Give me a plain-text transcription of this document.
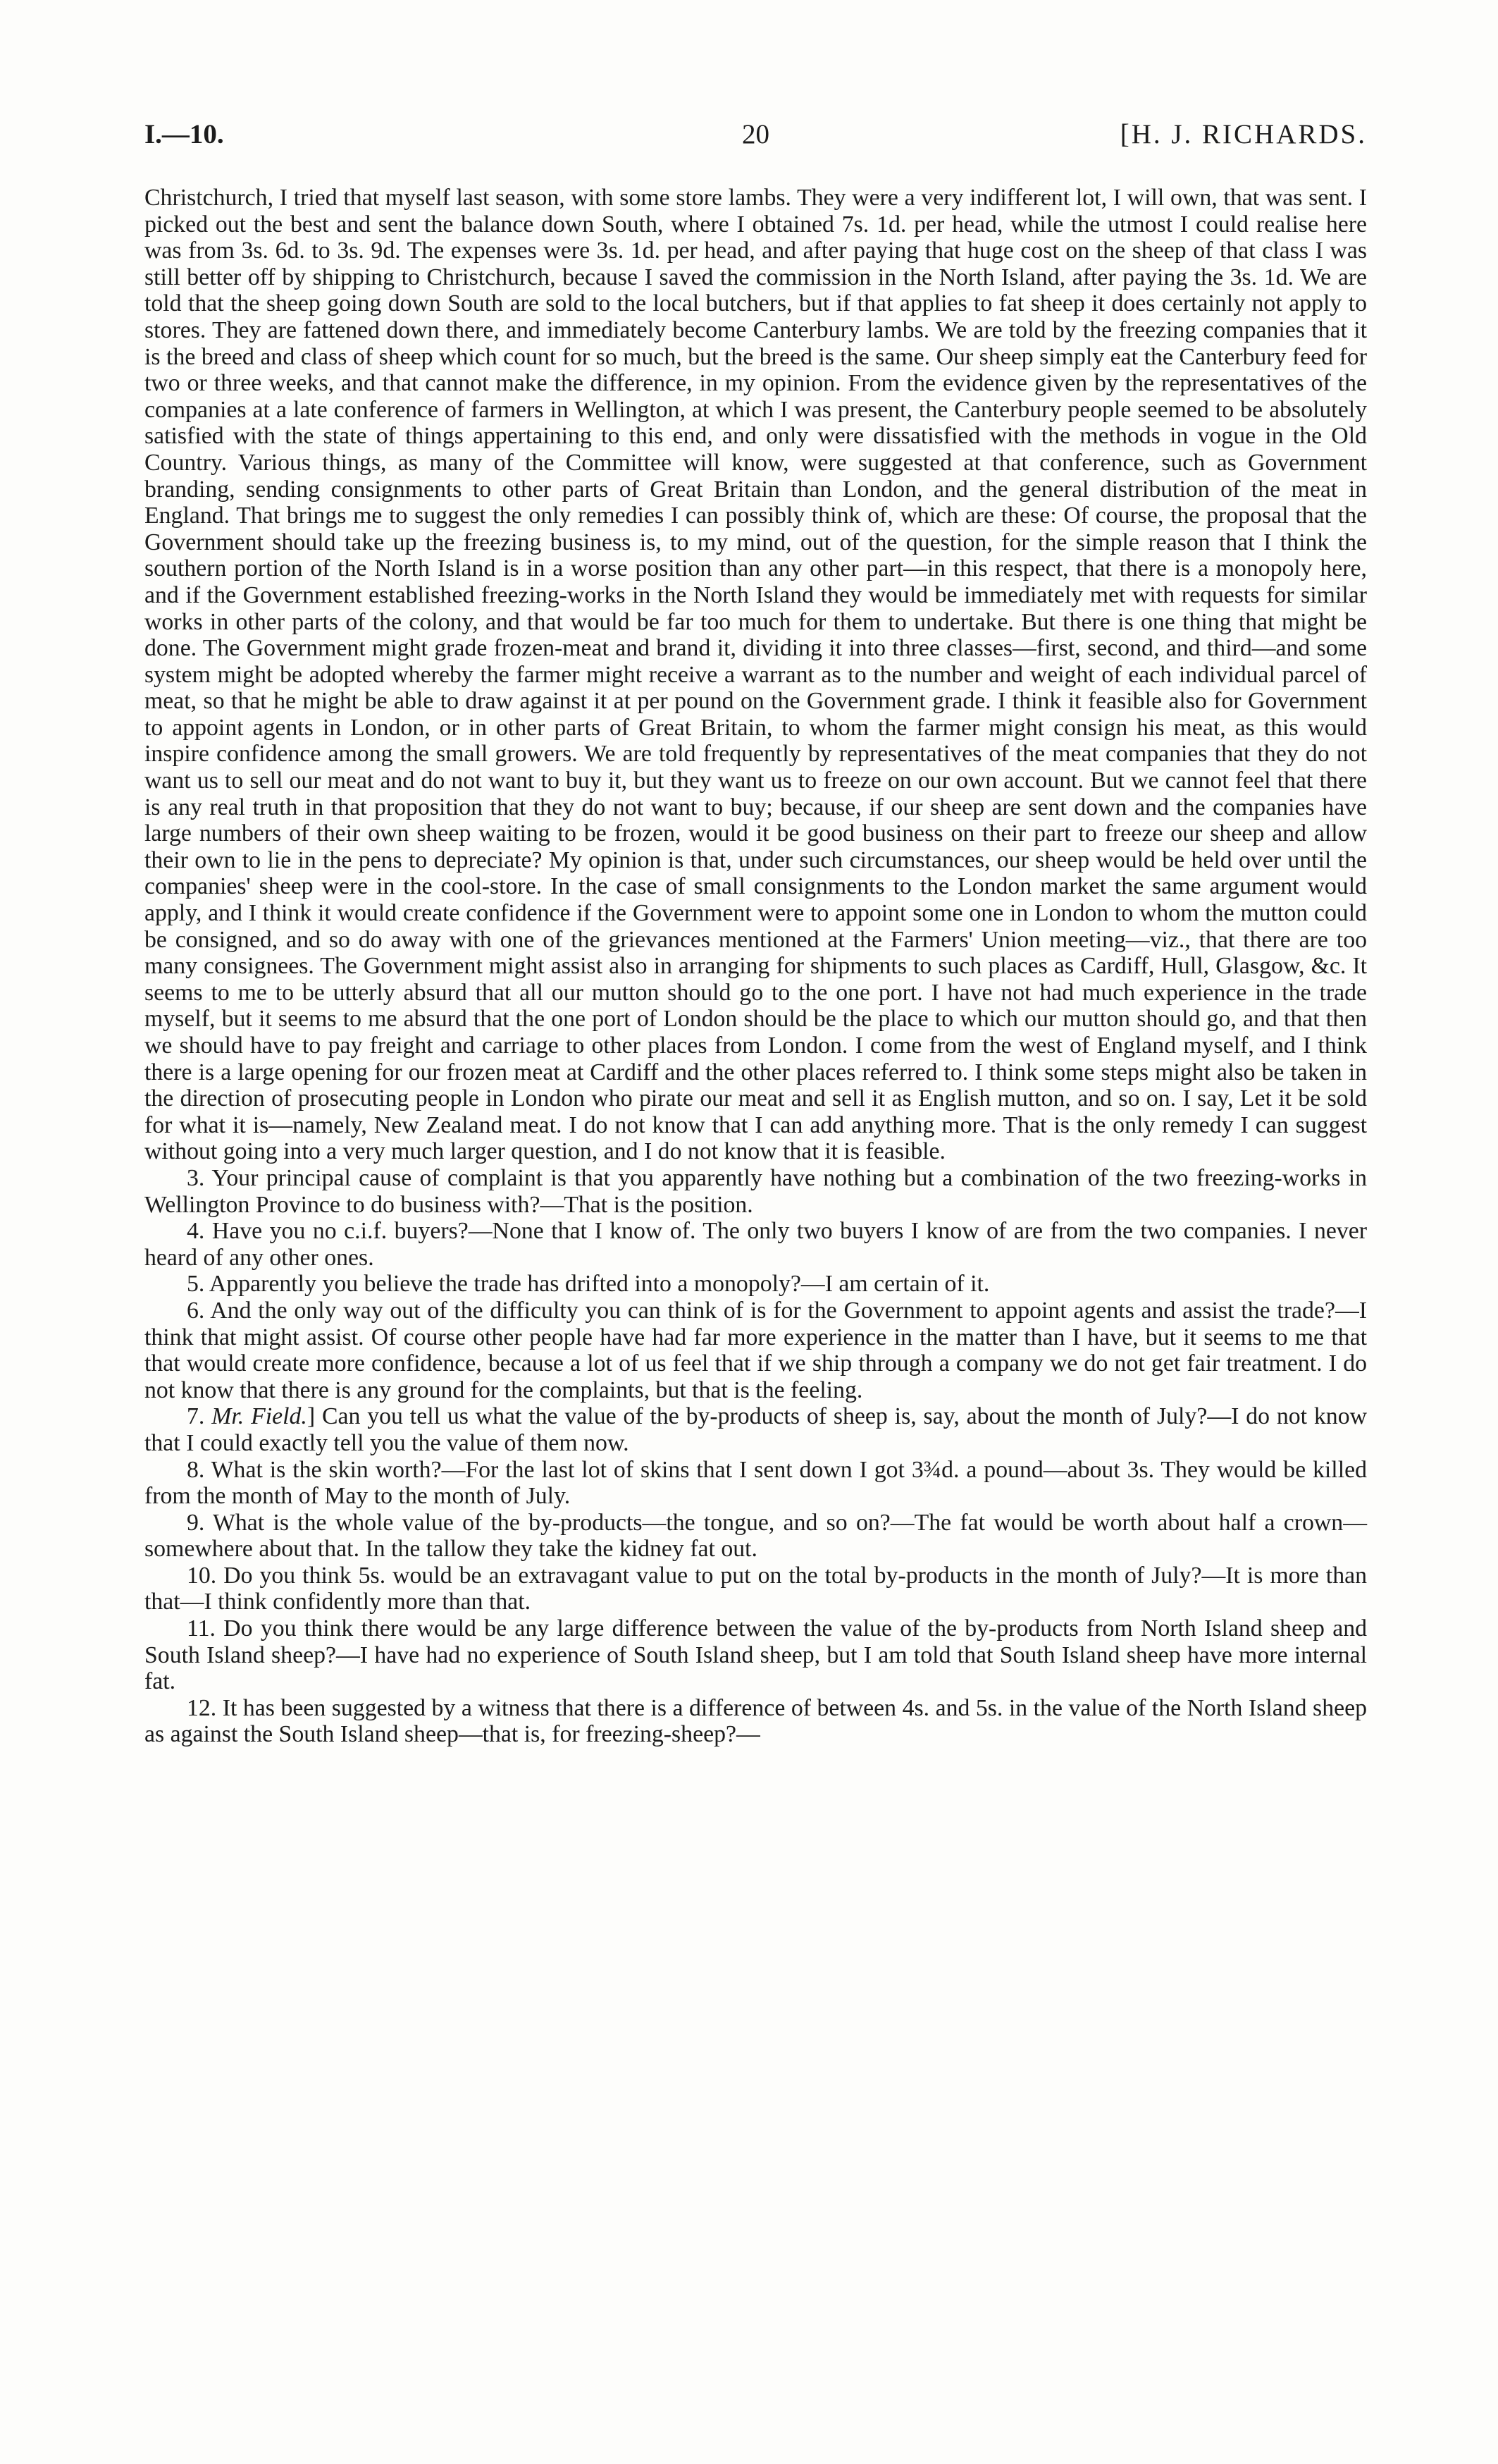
I.—10.	20	[H. J. RICHARDS.

Christchurch, I tried that myself last season, with some store lambs. They were a very indifferent lot, I will own, that was sent. I picked out the best and sent the balance down South, where I obtained 7s. 1d. per head, while the utmost I could realise here was from 3s. 6d. to 3s. 9d. The expenses were 3s. 1d. per head, and after paying that huge cost on the sheep of that class I was still better off by shipping to Christchurch, because I saved the commission in the North Island, after paying the 3s. 1d. We are told that the sheep going down South are sold to the local butchers, but if that applies to fat sheep it does certainly not apply to stores. They are fattened down there, and immediately become Canterbury lambs. We are told by the freezing companies that it is the breed and class of sheep which count for so much, but the breed is the same. Our sheep simply eat the Canterbury feed for two or three weeks, and that cannot make the difference, in my opinion. From the evidence given by the representatives of the companies at a late conference of farmers in Wellington, at which I was present, the Canterbury people seemed to be absolutely satisfied with the state of things appertaining to this end, and only were dissatisfied with the methods in vogue in the Old Country. Various things, as many of the Committee will know, were suggested at that conference, such as Government branding, sending consignments to other parts of Great Britain than London, and the general distribution of the meat in England. That brings me to suggest the only remedies I can possibly think of, which are these: Of course, the proposal that the Government should take up the freezing business is, to my mind, out of the question, for the simple reason that I think the southern portion of the North Island is in a worse position than any other part—in this respect, that there is a monopoly here, and if the Government established freezing-works in the North Island they would be immediately met with requests for similar works in other parts of the colony, and that would be far too much for them to undertake. But there is one thing that might be done. The Government might grade frozen-meat and brand it, dividing it into three classes—first, second, and third—and some system might be adopted whereby the farmer might receive a warrant as to the number and weight of each individual parcel of meat, so that he might be able to draw against it at per pound on the Government grade. I think it feasible also for Government to appoint agents in London, or in other parts of Great Britain, to whom the farmer might consign his meat, as this would inspire confidence among the small growers. We are told frequently by representatives of the meat companies that they do not want us to sell our meat and do not want to buy it, but they want us to freeze on our own account. But we cannot feel that there is any real truth in that proposition that they do not want to buy; because, if our sheep are sent down and the companies have large numbers of their own sheep waiting to be frozen, would it be good business on their part to freeze our sheep and allow their own to lie in the pens to depreciate? My opinion is that, under such circumstances, our sheep would be held over until the companies' sheep were in the cool-store. In the case of small consignments to the London market the same argument would apply, and I think it would create confidence if the Government were to appoint some one in London to whom the mutton could be consigned, and so do away with one of the grievances mentioned at the Farmers' Union meeting—viz., that there are too many consignees. The Government might assist also in arranging for shipments to such places as Cardiff, Hull, Glasgow, &c. It seems to me to be utterly absurd that all our mutton should go to the one port. I have not had much experience in the trade myself, but it seems to me absurd that the one port of London should be the place to which our mutton should go, and that then we should have to pay freight and carriage to other places from London. I come from the west of England myself, and I think there is a large opening for our frozen meat at Cardiff and the other places referred to. I think some steps might also be taken in the direction of prosecuting people in London who pirate our meat and sell it as English mutton, and so on. I say, Let it be sold for what it is—namely, New Zealand meat. I do not know that I can add anything more. That is the only remedy I can suggest without going into a very much larger question, and I do not know that it is feasible.

3. Your principal cause of complaint is that you apparently have nothing but a combination of the two freezing-works in Wellington Province to do business with?—That is the position.

4. Have you no c.i.f. buyers?—None that I know of. The only two buyers I know of are from the two companies. I never heard of any other ones.

5. Apparently you believe the trade has drifted into a monopoly?—I am certain of it.

6. And the only way out of the difficulty you can think of is for the Government to appoint agents and assist the trade?—I think that might assist. Of course other people have had far more experience in the matter than I have, but it seems to me that that would create more confidence, because a lot of us feel that if we ship through a company we do not get fair treatment. I do not know that there is any ground for the complaints, but that is the feeling.

7. Mr. Field.] Can you tell us what the value of the by-products of sheep is, say, about the month of July?—I do not know that I could exactly tell you the value of them now.

8. What is the skin worth?—For the last lot of skins that I sent down I got 3¾d. a pound—about 3s. They would be killed from the month of May to the month of July.

9. What is the whole value of the by-products—the tongue, and so on?—The fat would be worth about half a crown—somewhere about that. In the tallow they take the kidney fat out.

10. Do you think 5s. would be an extravagant value to put on the total by-products in the month of July?—It is more than that—I think confidently more than that.

11. Do you think there would be any large difference between the value of the by-products from North Island sheep and South Island sheep?—I have had no experience of South Island sheep, but I am told that South Island sheep have more internal fat.

12. It has been suggested by a witness that there is a difference of between 4s. and 5s. in the value of the North Island sheep as against the South Island sheep—that is, for freezing-sheep?—
